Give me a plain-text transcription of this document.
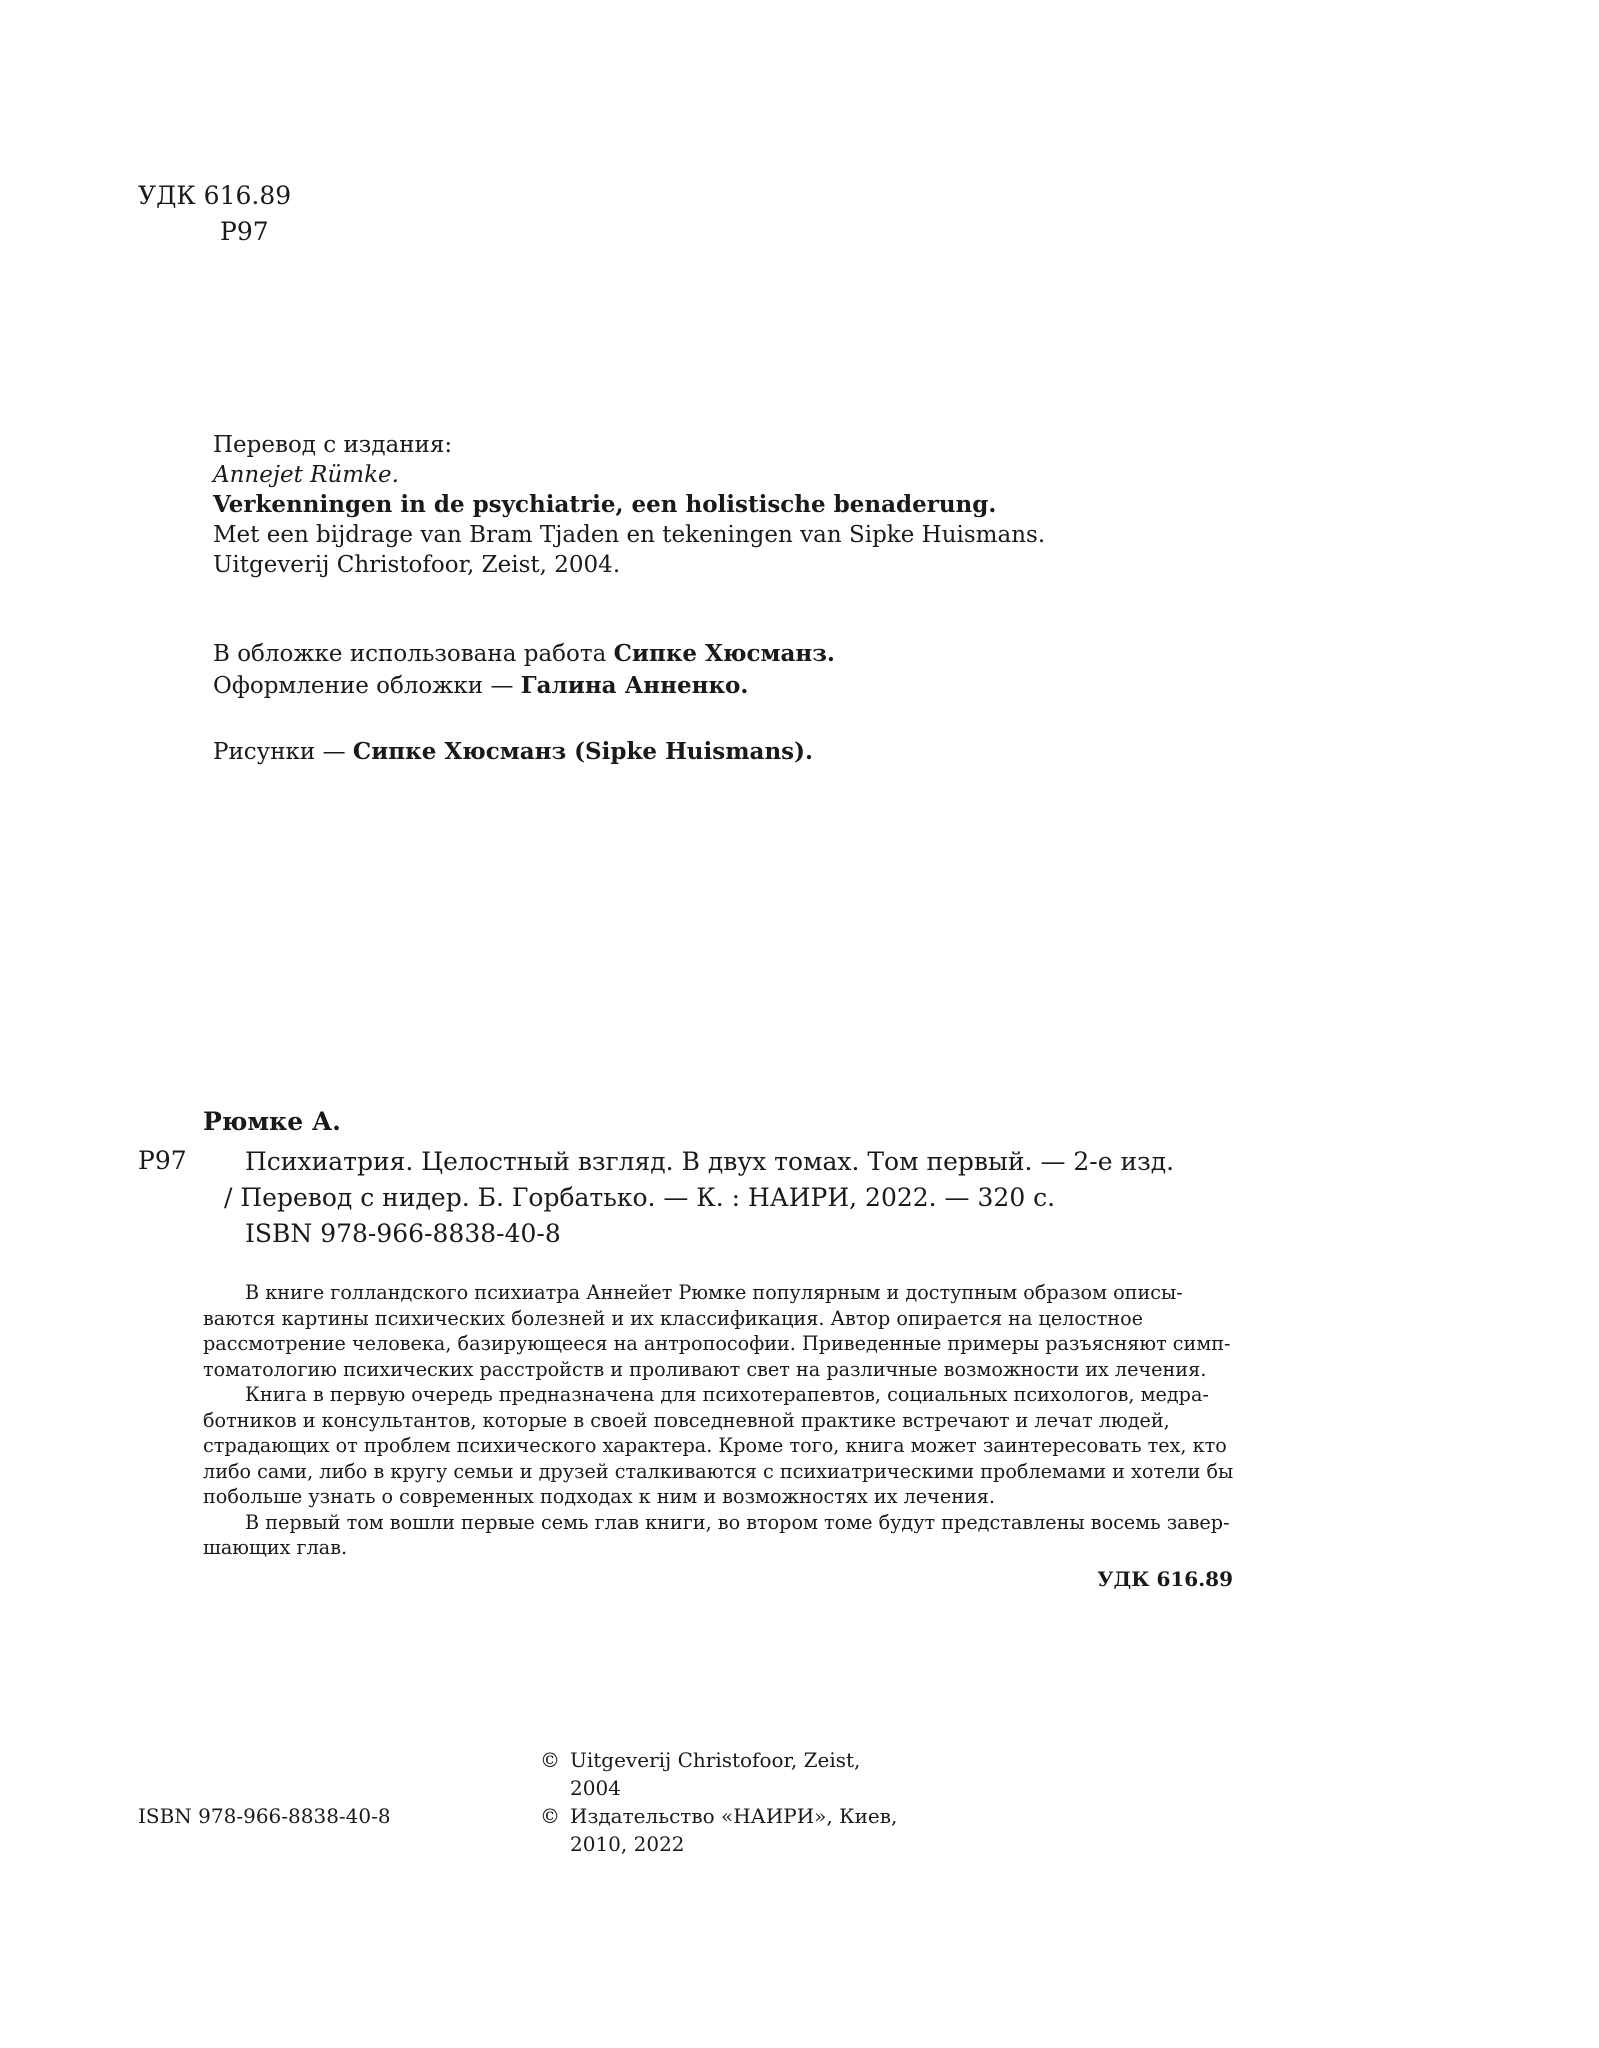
УДК 616.89
Р97
Перевод с издания:
Annejet Rümke.
Verkenningen in de psychiatrie, een holistische benaderung.
Met een bijdrage van Bram Tjaden en tekeningen van Sipke Huismans.
Uitgeverij Christofoor, Zeist, 2004.
В обложке использована работа Сипке Хюсманз.
Оформление обложки — Галина Анненко.
Рисунки — Сипке Хюсманз (Sipke Huismans).
Рюмке А.
Р97 Психиатрия. Целостный взгляд. В двух томах. Том первый. — 2-е изд.
/ Перевод с нидер. Б. Горбатько. — К. : НАИРИ, 2022. — 320 с.
ISBN 978-966-8838-40-8
В книге голландского психиатра Аннейет Рюмке популярным и доступным образом описы-
ваются картины психических болезней и их классификация. Автор опирается на целостное
рассмотрение человека, базирующееся на антропософии. Приведенные примеры разъясняют симп-
томатологию психических расстройств и проливают свет на различные возможности их лечения.
Книга в первую очередь предназначена для психотерапевтов, социальных психологов, медра-
ботников и консультантов, которые в своей повседневной практике встречают и лечат людей,
страдающих от проблем психического характера. Кроме того, книга может заинтересовать тех, кто
либо сами, либо в кругу семьи и друзей сталкиваются с психиатрическими проблемами и хотели бы
побольше узнать о современных подходах к ним и возможностях их лечения.
В первый том вошли первые семь глав книги, во втором томе будут представлены восемь завер-
шающих глав.
УДК 616.89
ISBN 978-966-8838-40-8
© Uitgeverij Christofoor, Zeist,
2004
© Издательство «НАИРИ», Киев,
2010, 2022
